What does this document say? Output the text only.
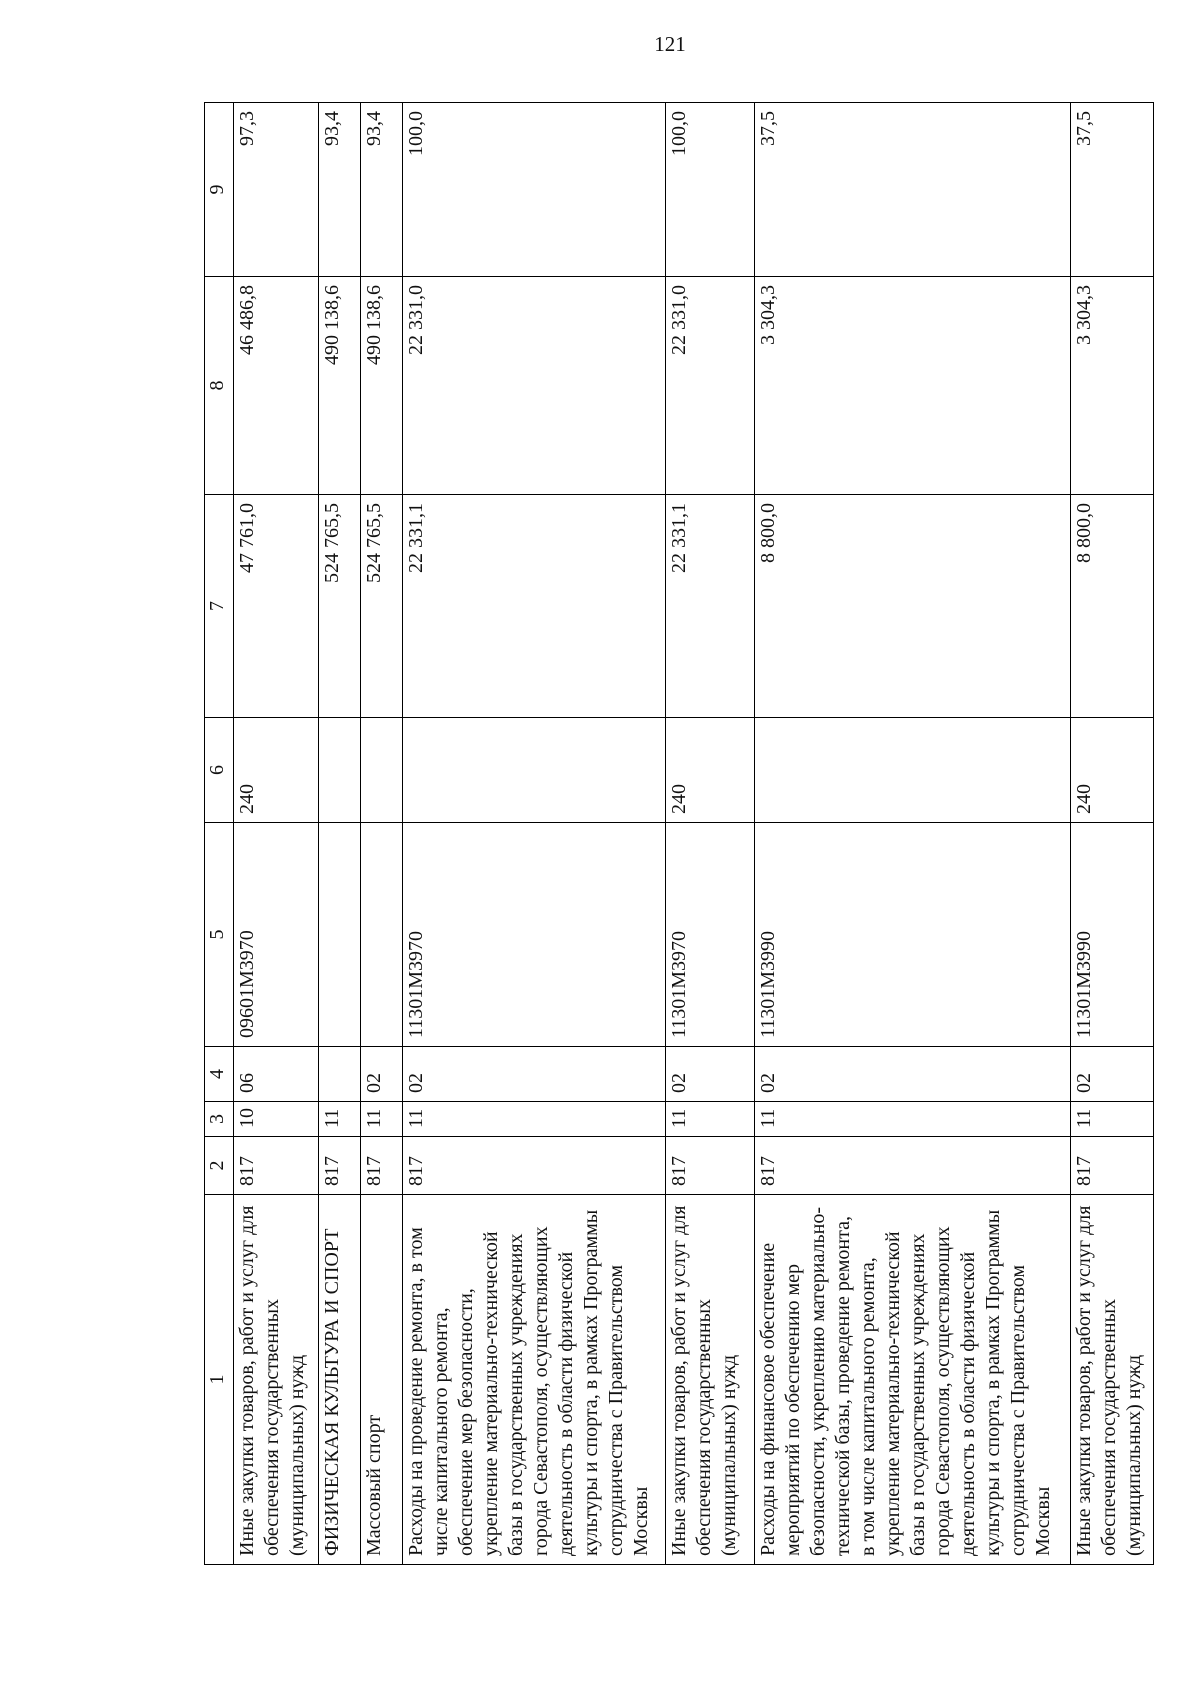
121
1	2	3	4	5	6	7	8	9
Иные закупки товаров, работ и услуг для обеспечения государственных (муниципальных) нужд	817	10	06	09601М3970	240	47 761,0	46 486,8	97,3
ФИЗИЧЕСКАЯ КУЛЬТУРА И СПОРТ	817	11				524 765,5	490 138,6	93,4
Массовый спорт	817	11	02			524 765,5	490 138,6	93,4
Расходы на проведение ремонта, в том числе капитального ремонта, обеспечение мер безопасности, укрепление материально-технической базы в государственных учреждениях города Севастополя, осуществляющих деятельность в области физической культуры и спорта, в рамках Программы сотрудничества с Правительством Москвы	817	11	02	11301М3970		22 331,1	22 331,0	100,0
Иные закупки товаров, работ и услуг для обеспечения государственных (муниципальных) нужд	817	11	02	11301М3970	240	22 331,1	22 331,0	100,0
Расходы на финансовое обеспечение мероприятий по обеспечению мер безопасности, укреплению материально-технической базы, проведение ремонта, в том числе капитального ремонта, укрепление материально-технической базы в государственных учреждениях города Севастополя, осуществляющих деятельность в области физической культуры и спорта, в рамках Программы сотрудничества с Правительством Москвы	817	11	02	11301М3990		8 800,0	3 304,3	37,5
Иные закупки товаров, работ и услуг для обеспечения государственных (муниципальных) нужд	817	11	02	11301М3990	240	8 800,0	3 304,3	37,5
